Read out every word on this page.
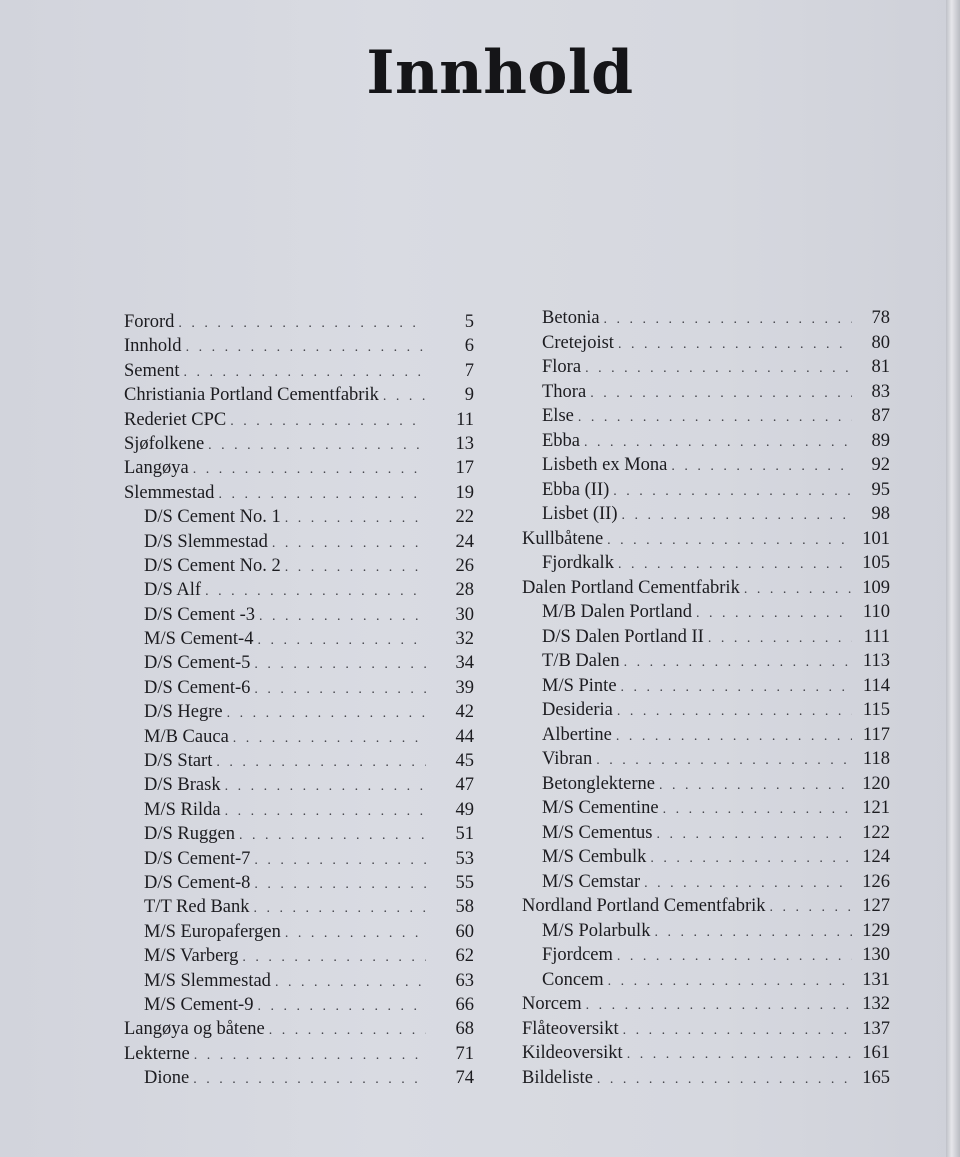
Innhold
Forord . . .	5
Innhold . . .	6
Sement . . .	7
Christiania Portland Cementfabrik . . .	9
Rederiet CPC . . .	11
Sjøfolkene . . .	13
Langøya . . .	17
Slemmestad . . .	19
D/S Cement No. 1 . . .	22
D/S Slemmestad . . .	24
D/S Cement No. 2 . . .	26
D/S Alf . . .	28
D/S Cement -3 . . .	30
M/S Cement-4 . . .	32
D/S Cement-5 . . .	34
D/S Cement-6 . . .	39
D/S Hegre . . .	42
M/B Cauca . . .	44
D/S Start . . .	45
D/S Brask . . .	47
M/S Rilda . . .	49
D/S Ruggen . . .	51
D/S Cement-7 . . .	53
D/S Cement-8 . . .	55
T/T Red Bank . . .	58
M/S Europafergen . . .	60
M/S Varberg . . .	62
M/S Slemmestad . . .	63
M/S Cement-9 . . .	66
Langøya og båtene . . .	68
Lekterne . . .	71
Dione . . .	74
Betonia . . .	78
Cretejoist . . .	80
Flora . . .	81
Thora . . .	83
Else . . .	87
Ebba . . .	89
Lisbeth ex Mona . . .	92
Ebba (II) . . .	95
Lisbet (II) . . .	98
Kullbåtene . . .	101
Fjordkalk . . .	105
Dalen Portland Cementfabrik . . .	109
M/B Dalen Portland . . .	110
D/S Dalen Portland II . . .	111
T/B Dalen . . .	113
M/S Pinte . . .	114
Desideria . . .	115
Albertine . . .	117
Vibran . . .	118
Betonglekterne . . .	120
M/S Cementine . . .	121
M/S Cementus . . .	122
M/S Cembulk . . .	124
M/S Cemstar . . .	126
Nordland Portland Cementfabrik . . .	127
M/S Polarbulk . . .	129
Fjordcem . . .	130
Concem . . .	131
Norcem . . .	132
Flåteoversikt . . .	137
Kildeoversikt . . .	161
Bildeliste . . .	165
